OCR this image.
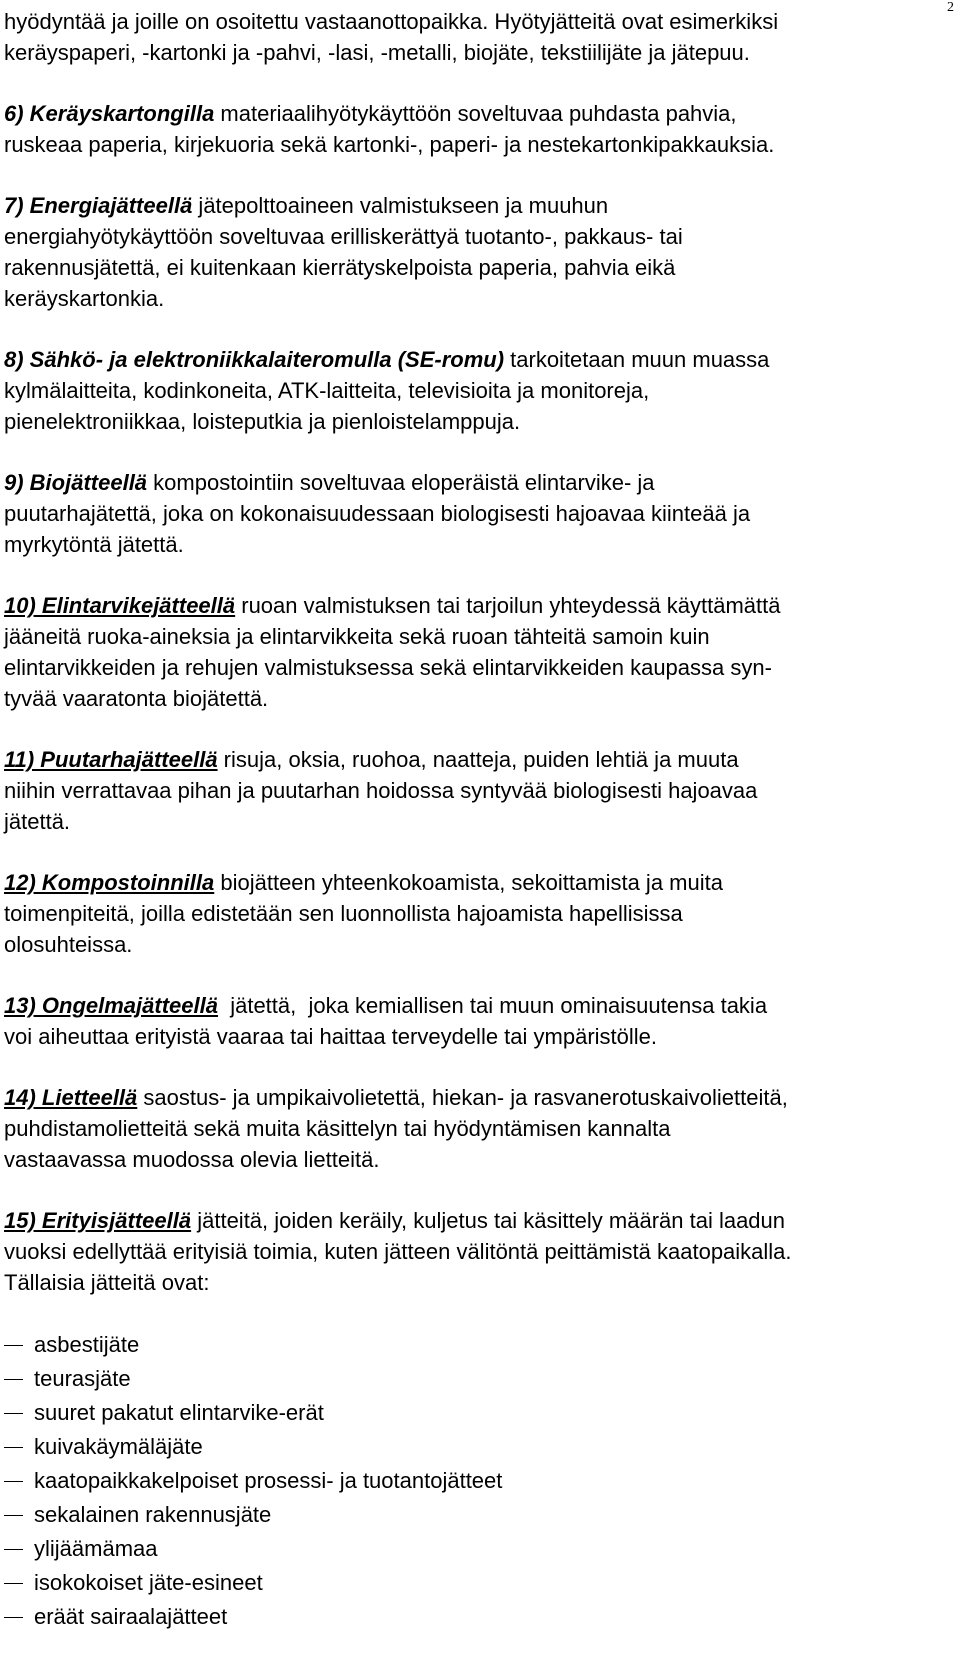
2

hyödyntää ja joille on osoitettu vastaanottopaikka. Hyötyjätteitä ovat esimerkiksi

keräyspaperi, -kartonki ja -pahvi, -lasi, -metalli, biojäte, tekstiilijäte ja jätepuu.

6) Keräyskartongilla materiaalihyötykäyttöön soveltuvaa puhdasta pahvia,

ruskeaa paperia, kirjekuoria sekä kartonki-, paperi- ja nestekartonkipakkauksia.

7) Energiajätteellä jätepolttoaineen valmistukseen ja muuhun

energiahyötykäyttöön soveltuvaa erilliskerättyä tuotanto-, pakkaus- tai

rakennusjätettä, ei kuitenkaan kierrätyskelpoista paperia, pahvia eikä

keräyskartonkia.

8) Sähkö- ja elektroniikkalaiteromulla (SE-romu) tarkoitetaan muun muassa

kylmälaitteita, kodinkoneita, ATK-laitteita, televisioita ja monitoreja,

pienelektroniikkaa, loisteputkia ja pienloistelamppuja.

9) Biojätteellä kompostointiin soveltuvaa eloperäistä elintarvike- ja

puutarhajätettä, joka on kokonaisuudessaan biologisesti hajoavaa kiinteää ja

myrkytöntä jätettä.

10) Elintarvikejätteellä ruoan valmistuksen tai tarjoilun yhteydessä käyttämättä

jääneitä ruoka-aineksia ja elintarvikkeita sekä ruoan tähteitä samoin kuin

elintarvikkeiden ja rehujen valmistuksessa sekä elintarvikkeiden kaupassa syn-

tyvää vaaratonta biojätettä.

11) Puutarhajätteellä risuja, oksia, ruohoa, naatteja, puiden lehtiä ja muuta

niihin verrattavaa pihan ja puutarhan hoidossa syntyvää biologisesti hajoavaa

jätettä.

12) Kompostoinnilla biojätteen yhteenkokoamista, sekoittamista ja muita

toimenpiteitä, joilla edistetään sen luonnollista hajoamista hapellisissa

olosuhteissa.

13) Ongelmajätteellä  jätettä,  joka kemiallisen tai muun ominaisuutensa takia

voi aiheuttaa erityistä vaaraa tai haittaa terveydelle tai ympäristölle.

14) Lietteellä saostus- ja umpikaivolietettä, hiekan- ja rasvanerotuskaivolietteitä,

puhdistamolietteitä sekä muita käsittelyn tai hyödyntämisen kannalta

vastaavassa muodossa olevia lietteitä.

15) Erityisjätteellä jätteitä, joiden keräily, kuljetus tai käsittely määrän tai laadun

vuoksi edellyttää erityisiä toimia, kuten jätteen välitöntä peittämistä kaatopaikalla.

Tällaisia jätteitä ovat:

asbestijäte
teurasjäte
suuret pakatut elintarvike-erät
kuivakäymäläjäte
kaatopaikkakelpoiset prosessi- ja tuotantojätteet
sekalainen rakennusjäte
ylijäämämaa
isokokoiset jäte-esineet
eräät sairaalajätteet
